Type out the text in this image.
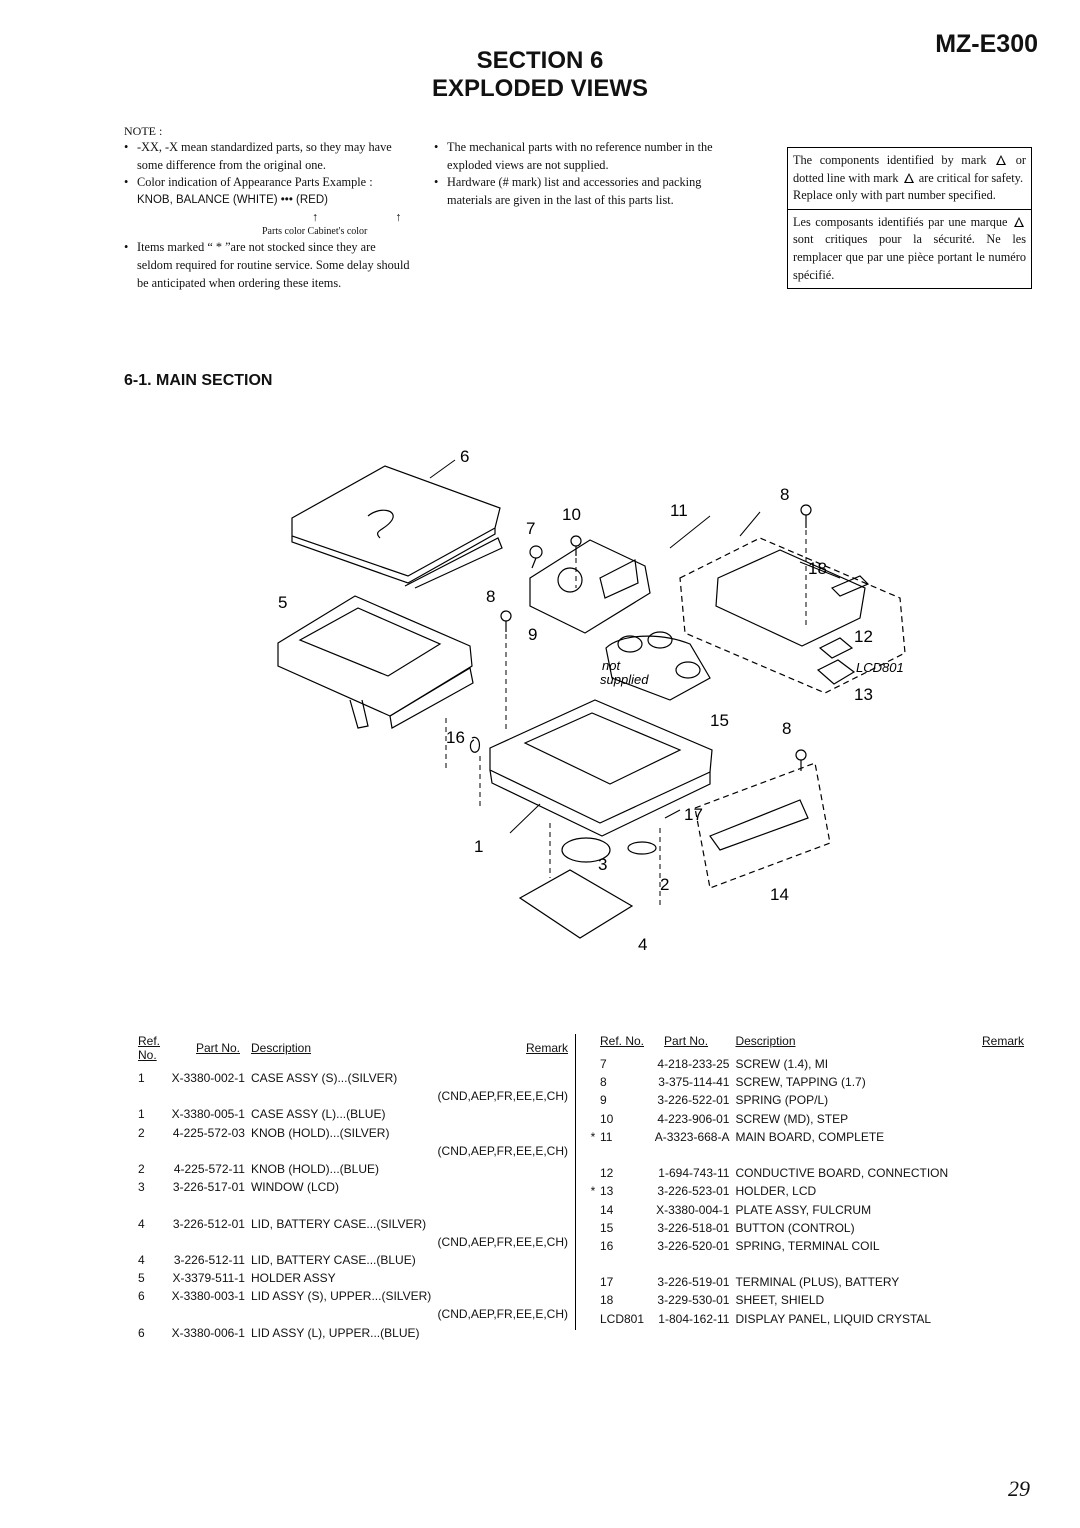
MZ-E300
SECTION 6
EXPLODED VIEWS
NOTE :
• -XX, -X mean standardized parts, so they may have some difference from the original one.
• Color indication of Appearance Parts Example :
KNOB, BALANCE (WHITE) ••• (RED)
↑ ↑
Parts color Cabinet's color
• Items marked “ * ”are not stocked since they are seldom required for routine service. Some delay should be anticipated when ordering these items.
• The mechanical parts with no reference number in the exploded views are not supplied.
• Hardware (# mark) list and accessories and packing materials are given in the last of this parts list.
The components identified by mark or dotted line with mark are critical for safety.
Replace only with part number specified.
Les composants identifiés par une marque  sont critiques pour la sécurité. Ne les remplacer que par une pièce portant le numéro spécifié.
6-1. MAIN SECTION
6
8
10	11
7
18
5	8
9	12
LCD801
13
15	8
16
17
1
3
2
14
4
not
supplied
	Ref. No.	Part No.	Description	Remark
	1	X-3380-002-1	CASE ASSY (S)...(SILVER)	
				(CND,AEP,FR,EE,E,CH)
	1	X-3380-005-1	CASE ASSY (L)...(BLUE)	
	2	4-225-572-03	KNOB (HOLD)...(SILVER)	
				(CND,AEP,FR,EE,E,CH)
	2	4-225-572-11	KNOB (HOLD)...(BLUE)	
	3	3-226-517-01	WINDOW (LCD)	

	4	3-226-512-01	LID, BATTERY CASE...(SILVER)	
				(CND,AEP,FR,EE,E,CH)
	4	3-226-512-11	LID, BATTERY CASE...(BLUE)	
	5	X-3379-511-1	HOLDER ASSY	
	6	X-3380-003-1	LID ASSY (S), UPPER...(SILVER)	
				(CND,AEP,FR,EE,E,CH)
	6	X-3380-006-1	LID ASSY (L), UPPER...(BLUE)	
	Ref. No.	Part No.	Description	Remark
	7	4-218-233-25	SCREW (1.4), MI	
	8	3-375-114-41	SCREW, TAPPING (1.7)	
	9	3-226-522-01	SPRING (POP/L)	
	10	4-223-906-01	SCREW (MD), STEP	
*	11	A-3323-668-A	MAIN BOARD, COMPLETE	

	12	1-694-743-11	CONDUCTIVE BOARD, CONNECTION	
*	13	3-226-523-01	HOLDER, LCD	
	14	X-3380-004-1	PLATE ASSY, FULCRUM	
	15	3-226-518-01	BUTTON (CONTROL)	
	16	3-226-520-01	SPRING, TERMINAL COIL	

	17	3-226-519-01	TERMINAL (PLUS), BATTERY	
	18	3-229-530-01	SHEET, SHIELD	
	LCD801	1-804-162-11	DISPLAY PANEL, LIQUID CRYSTAL	
29
